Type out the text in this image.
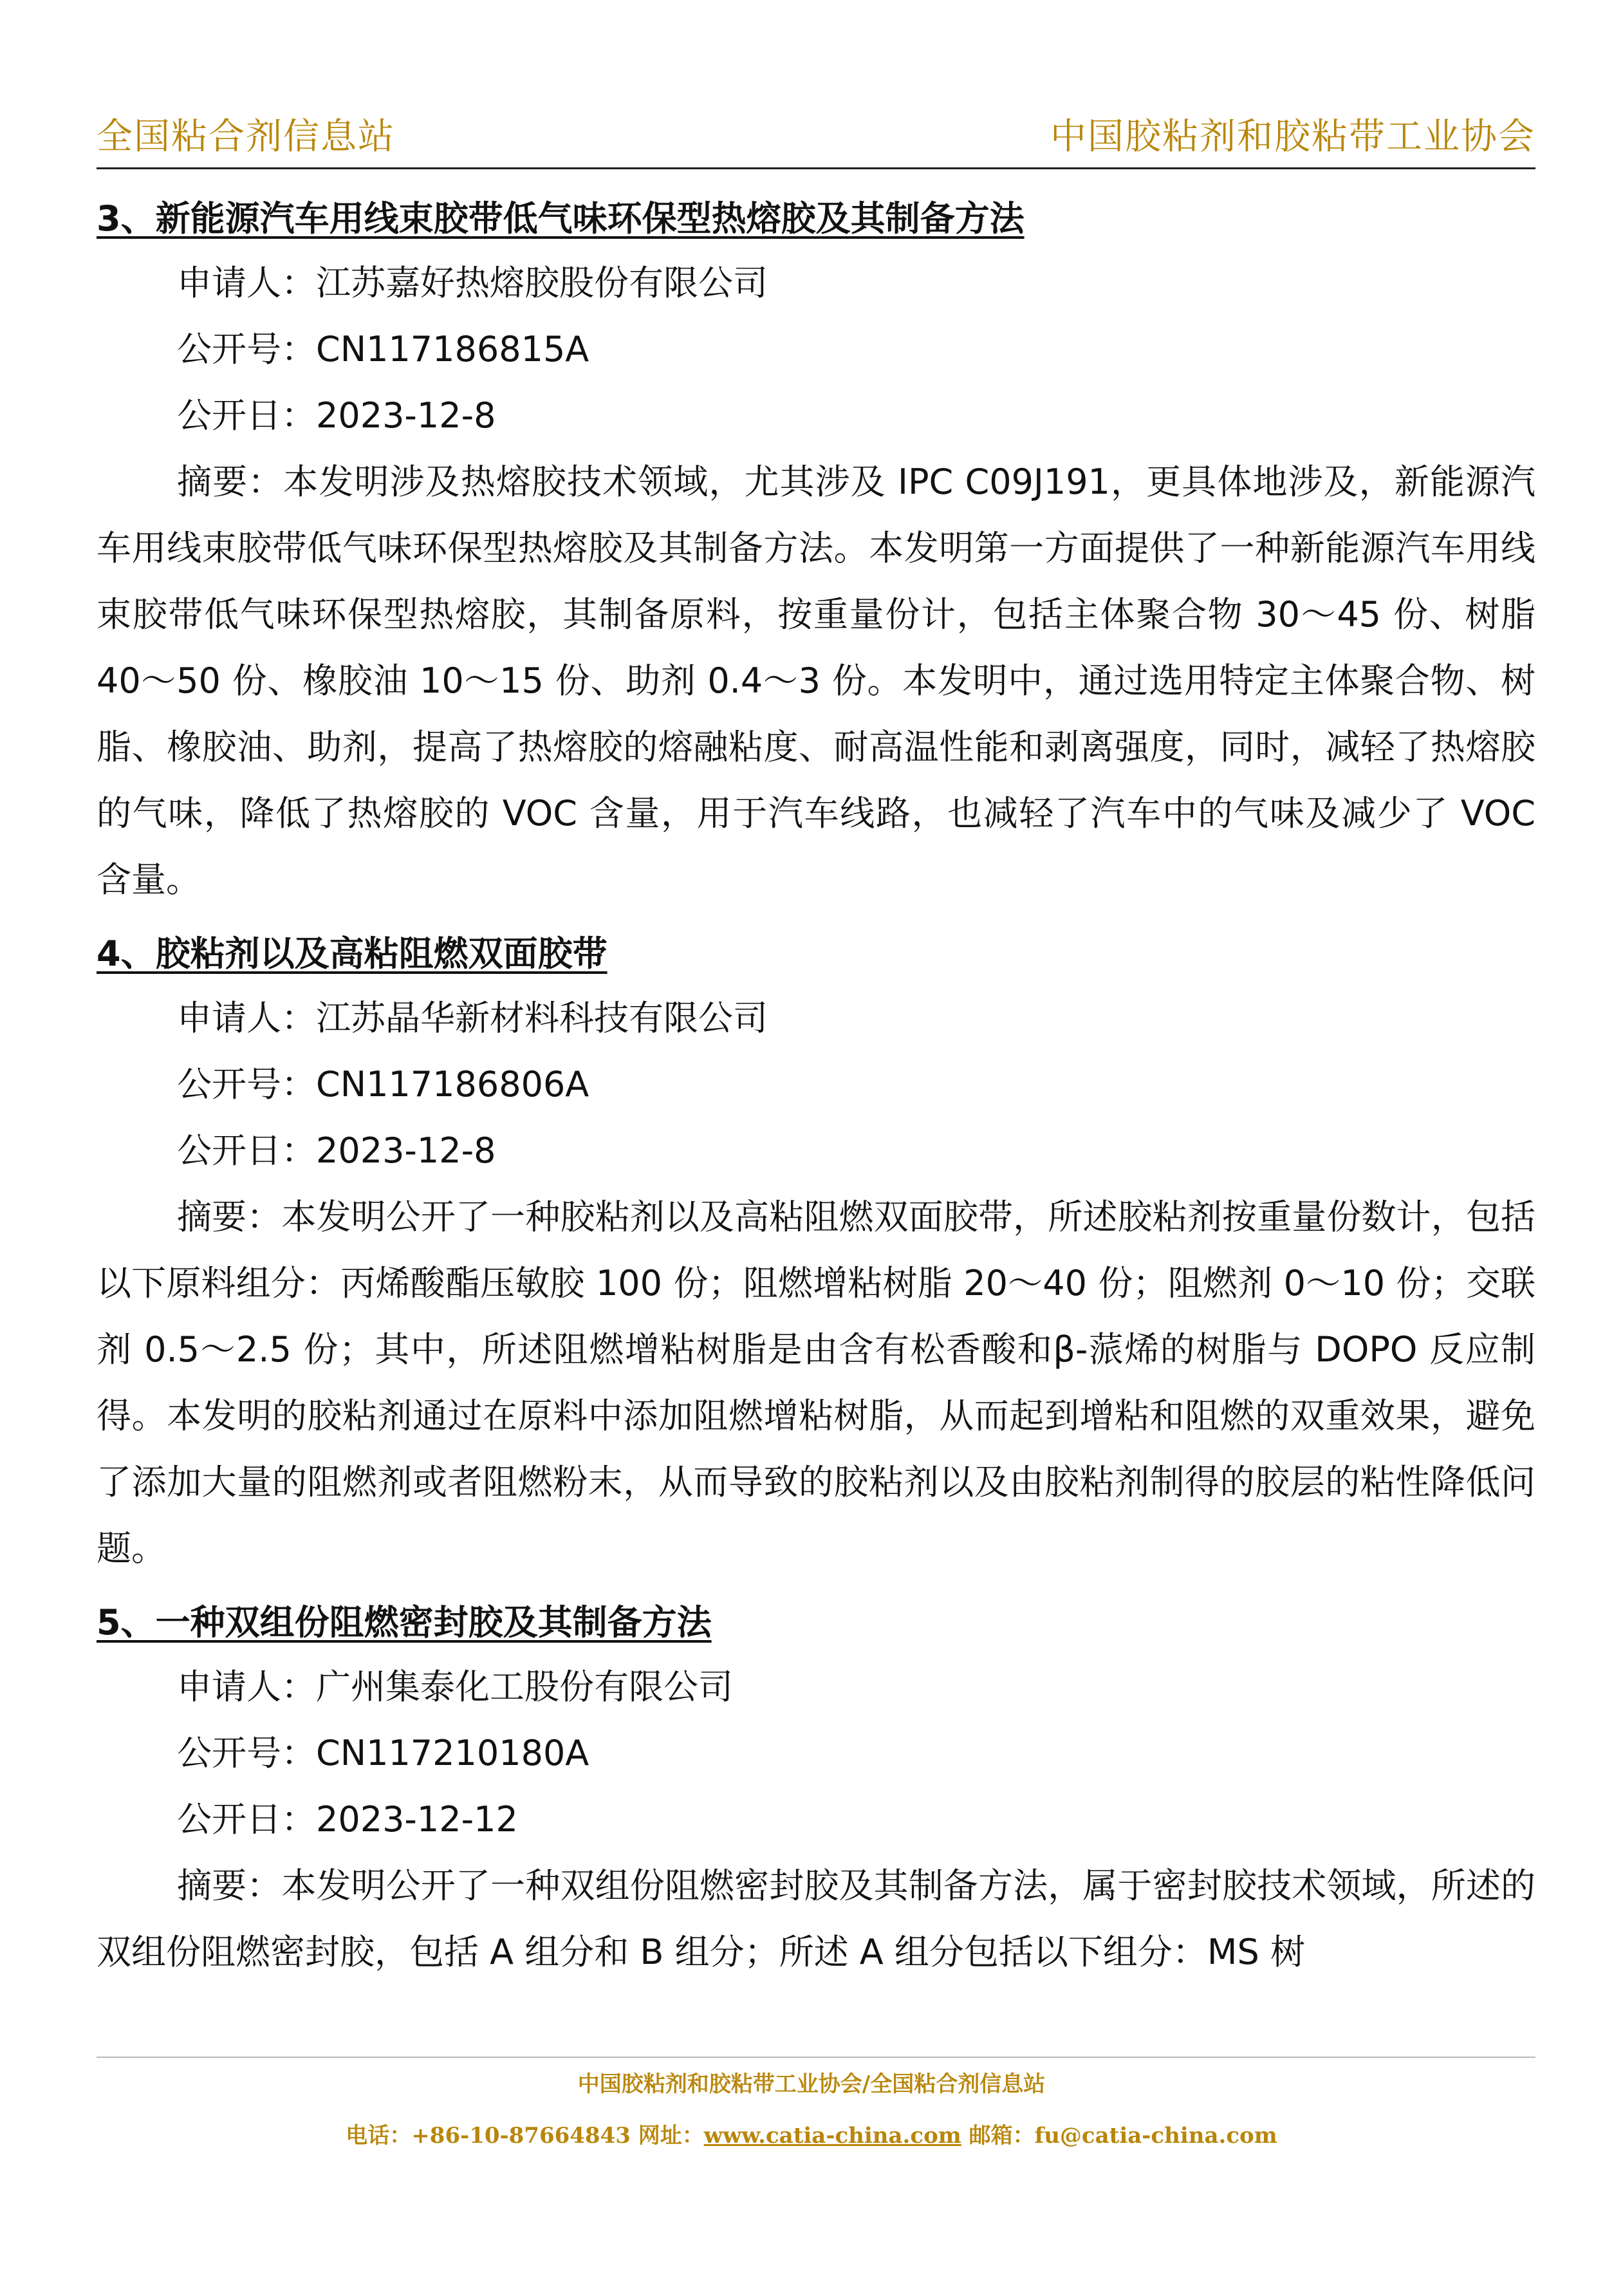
全国粘合剂信息站	中国胶粘剂和胶粘带工业协会
3、新能源汽车用线束胶带低气味环保型热熔胶及其制备方法
申请人：江苏嘉好热熔胶股份有限公司
公开号：CN117186815A
公开日：2023-12-8
摘要：本发明涉及热熔胶技术领域，尤其涉及 IPC C09J191，更具体地涉及，新能源汽车用线束胶带低气味环保型热熔胶及其制备方法。本发明第一方面提供了一种新能源汽车用线束胶带低气味环保型热熔胶，其制备原料，按重量份计，包括主体聚合物 30～45 份、树脂 40～50 份、橡胶油 10～15 份、助剂 0.4～3 份。本发明中，通过选用特定主体聚合物、树脂、橡胶油、助剂，提高了热熔胶的熔融粘度、耐高温性能和剥离强度，同时，减轻了热熔胶的气味，降低了热熔胶的 VOC 含量，用于汽车线路，也减轻了汽车中的气味及减少了 VOC 含量。
4、胶粘剂以及高粘阻燃双面胶带
申请人：江苏晶华新材料科技有限公司
公开号：CN117186806A
公开日：2023-12-8
摘要：本发明公开了一种胶粘剂以及高粘阻燃双面胶带，所述胶粘剂按重量份数计，包括以下原料组分：丙烯酸酯压敏胶 100 份；阻燃增粘树脂 20～40 份；阻燃剂 0～10 份；交联剂 0.5～2.5 份；其中，所述阻燃增粘树脂是由含有松香酸和β-蒎烯的树脂与 DOPO 反应制得。本发明的胶粘剂通过在原料中添加阻燃增粘树脂，从而起到增粘和阻燃的双重效果，避免了添加大量的阻燃剂或者阻燃粉末，从而导致的胶粘剂以及由胶粘剂制得的胶层的粘性降低问题。
5、一种双组份阻燃密封胶及其制备方法
申请人：广州集泰化工股份有限公司
公开号：CN117210180A
公开日：2023-12-12
摘要：本发明公开了一种双组份阻燃密封胶及其制备方法，属于密封胶技术领域，所述的双组份阻燃密封胶，包括 A 组分和 B 组分；所述 A 组分包括以下组分：MS 树
中国胶粘剂和胶粘带工业协会/全国粘合剂信息站
电话：+86-10-87664843 网址：www.catia-china.com 邮箱：fu@catia-china.com
